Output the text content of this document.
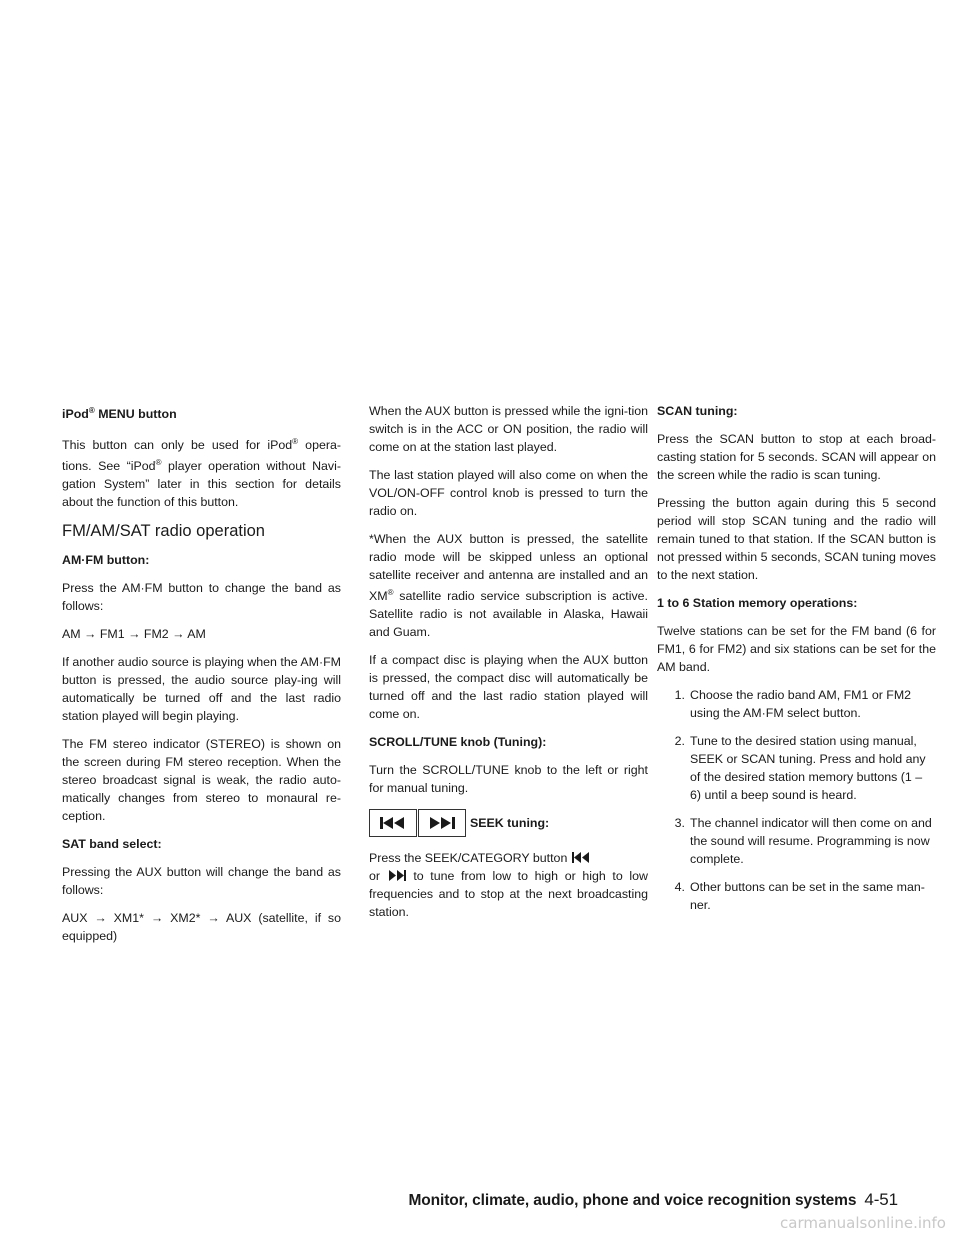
iPod® MENU button
This button can only be used for iPod® opera-tions. See “iPod® player operation without Navi-gation System” later in this section for details about the function of this button.
FM/AM/SAT radio operation
AM·FM button:
Press the AM·FM button to change the band as follows:
AM → FM1 → FM2 → AM
If another audio source is playing when the AM·FM button is pressed, the audio source play-ing will automatically be turned off and the last radio station played will begin playing.
The FM stereo indicator (STEREO) is shown on the screen during FM stereo reception. When the stereo broadcast signal is weak, the radio auto-matically changes from stereo to monaural re-ception.
SAT band select:
Pressing the AUX button will change the band as follows:
AUX → XM1* → XM2* → AUX (satellite, if so equipped)
When the AUX button is pressed while the igni-tion switch is in the ACC or ON position, the radio will come on at the station last played.
The last station played will also come on when the VOL/ON-OFF control knob is pressed to turn the radio on.
*When the AUX button is pressed, the satellite radio mode will be skipped unless an optional satellite receiver and antenna are installed and an XM® satellite radio service subscription is active. Satellite radio is not available in Alaska, Hawaii and Guam.
If a compact disc is playing when the AUX button is pressed, the compact disc will automatically be turned off and the last radio station played will come on.
SCROLL/TUNE knob (Tuning):
Turn the SCROLL/TUNE knob to the left or right for manual tuning.
SEEK tuning:
Press the SEEK/CATEGORY button
or	to tune from low to high or high to low frequencies and to stop at the next broadcasting station.
SCAN tuning:
Press the SCAN button to stop at each broad-casting station for 5 seconds. SCAN will appear on the screen while the radio is scan tuning.
Pressing the button again during this 5 second period will stop SCAN tuning and the radio will remain tuned to that station. If the SCAN button is not pressed within 5 seconds, SCAN tuning moves to the next station.
1 to 6 Station memory operations:
Twelve stations can be set for the FM band (6 for FM1, 6 for FM2) and six stations can be set for the AM band.
1. Choose the radio band AM, FM1 or FM2 using the AM·FM select button.
2. Tune to the desired station using manual, SEEK or SCAN tuning. Press and hold any of the desired station memory buttons (1 – 6) until a beep sound is heard.
3. The channel indicator will then come on and the sound will resume. Programming is now complete.
4. Other buttons can be set in the same man-ner.
Monitor, climate, audio, phone and voice recognition systems 4-51
carmanualsonline.info
